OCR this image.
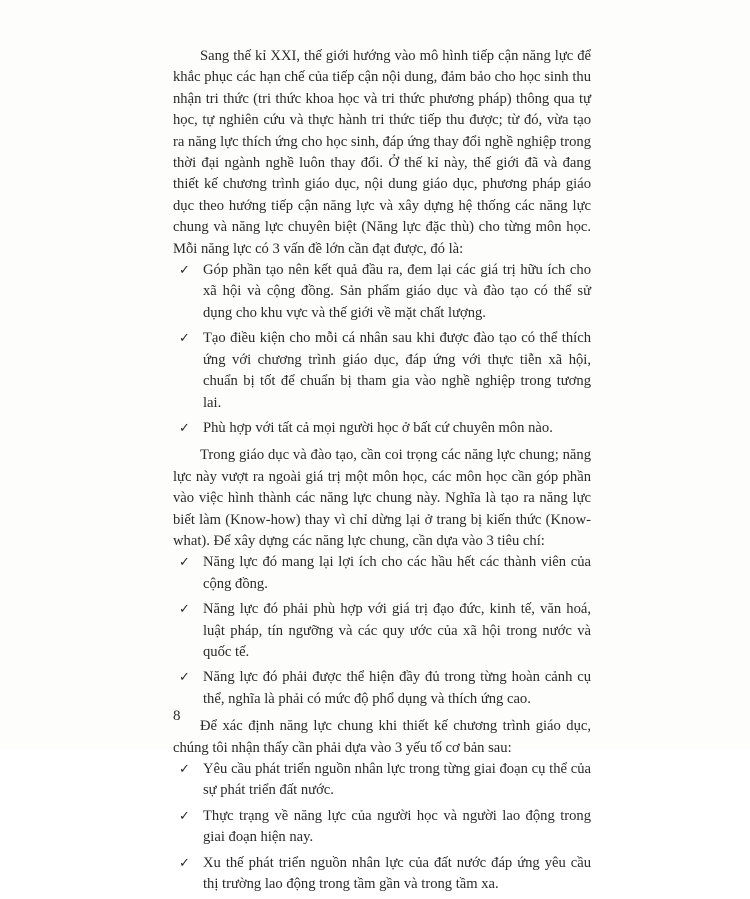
Sang thế kỉ XXI, thế giới hướng vào mô hình tiếp cận năng lực để khắc phục các hạn chế của tiếp cận nội dung, đảm bảo cho học sinh thu nhận tri thức (tri thức khoa học và tri thức phương pháp) thông qua tự học, tự nghiên cứu và thực hành tri thức tiếp thu được; từ đó, vừa tạo ra năng lực thích ứng cho học sinh, đáp ứng thay đổi nghề nghiệp trong thời đại ngành nghề luôn thay đổi. Ở thế kỉ này, thế giới đã và đang thiết kế chương trình giáo dục, nội dung giáo dục, phương pháp giáo dục theo hướng tiếp cận năng lực và xây dựng hệ thống các năng lực chung và năng lực chuyên biệt (Năng lực đặc thù) cho từng môn học. Mỗi năng lực có 3 vấn đề lớn cần đạt được, đó là:

✓ Góp phần tạo nên kết quả đầu ra, đem lại các giá trị hữu ích cho xã hội và cộng đồng. Sản phẩm giáo dục và đào tạo có thể sử dụng cho khu vực và thế giới về mặt chất lượng.
✓ Tạo điều kiện cho mỗi cá nhân sau khi được đào tạo có thể thích ứng với chương trình giáo dục, đáp ứng với thực tiễn xã hội, chuẩn bị tốt để chuẩn bị tham gia vào nghề nghiệp trong tương lai.
✓ Phù hợp với tất cả mọi người học ở bất cứ chuyên môn nào.

Trong giáo dục và đào tạo, cần coi trọng các năng lực chung; năng lực này vượt ra ngoài giá trị một môn học, các môn học cần góp phần vào việc hình thành các năng lực chung này. Nghĩa là tạo ra năng lực biết làm (Know-how) thay vì chỉ dừng lại ở trang bị kiến thức (Know-what). Để xây dựng các năng lực chung, cần dựa vào 3 tiêu chí:

✓ Năng lực đó mang lại lợi ích cho các hầu hết các thành viên của cộng đồng.
✓ Năng lực đó phải phù hợp với giá trị đạo đức, kinh tế, văn hoá, luật pháp, tín ngưỡng và các quy ước của xã hội trong nước và quốc tế.
✓ Năng lực đó phải được thể hiện đầy đủ trong từng hoàn cảnh cụ thể, nghĩa là phải có mức độ phổ dụng và thích ứng cao.

Để xác định năng lực chung khi thiết kế chương trình giáo dục, chúng tôi nhận thấy cần phải dựa vào 3 yếu tố cơ bản sau:

✓ Yêu cầu phát triển nguồn nhân lực trong từng giai đoạn cụ thể của sự phát triển đất nước.
✓ Thực trạng về năng lực của người học và người lao động trong giai đoạn hiện nay.
✓ Xu thế phát triển nguồn nhân lực của đất nước đáp ứng yêu cầu thị trường lao động trong tầm gần và trong tầm xa.
8
